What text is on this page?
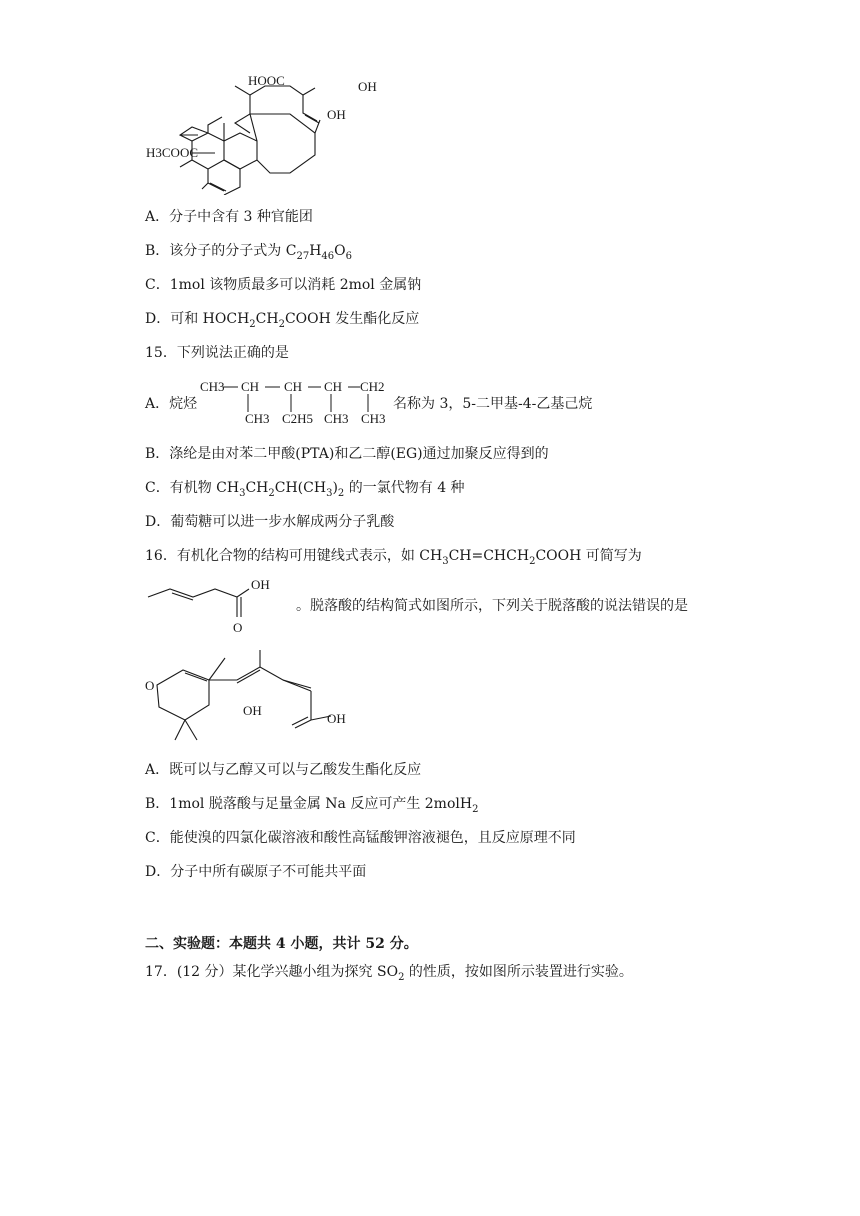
HOOC	OH
OH
H3COOC
A．分子中含有 3 种官能团
B．该分子的分子式为 $C_{27}H_{46}O_6$
C．1mol 该物质最多可以消耗 2mol 金属钠
D．可和 $HOCH_2CH_2COOH$ 发生酯化反应
15．下列说法正确的是
A．烷烃
CH3 CH CH CH CH2
CH3 C2H5 CH3 CH3
名称为 3，5-二甲基-4-乙基己烷
B．涤纶是由对苯二甲酸(PTA)和乙二醇(EG)通过加聚反应得到的
C．有机物 $CH_3CH_2CH(CH_3)_2$ 的一氯代物有 4 种
D．葡萄糖可以进一步水解成两分子乳酸
16．有机化合物的结构可用键线式表示，如 $CH_3CH=CHCH_2COOH$ 可简写为
OH
O
。脱落酸的结构简式如图所示，下列关于脱落酸的说法错误的是
O
OH
OH
A．既可以与乙醇又可以与乙酸发生酯化反应
B．1mol 脱落酸与足量金属 Na 反应可产生 2molH$_2$
C．能使溴的四氯化碳溶液和酸性高锰酸钾溶液褪色，且反应原理不同
D．分子中所有碳原子不可能共平面
二、实验题：本题共 4 小题，共计 52 分。
17．(12 分）某化学兴趣小组为探究 $SO_2$ 的性质，按如图所示装置进行实验。
